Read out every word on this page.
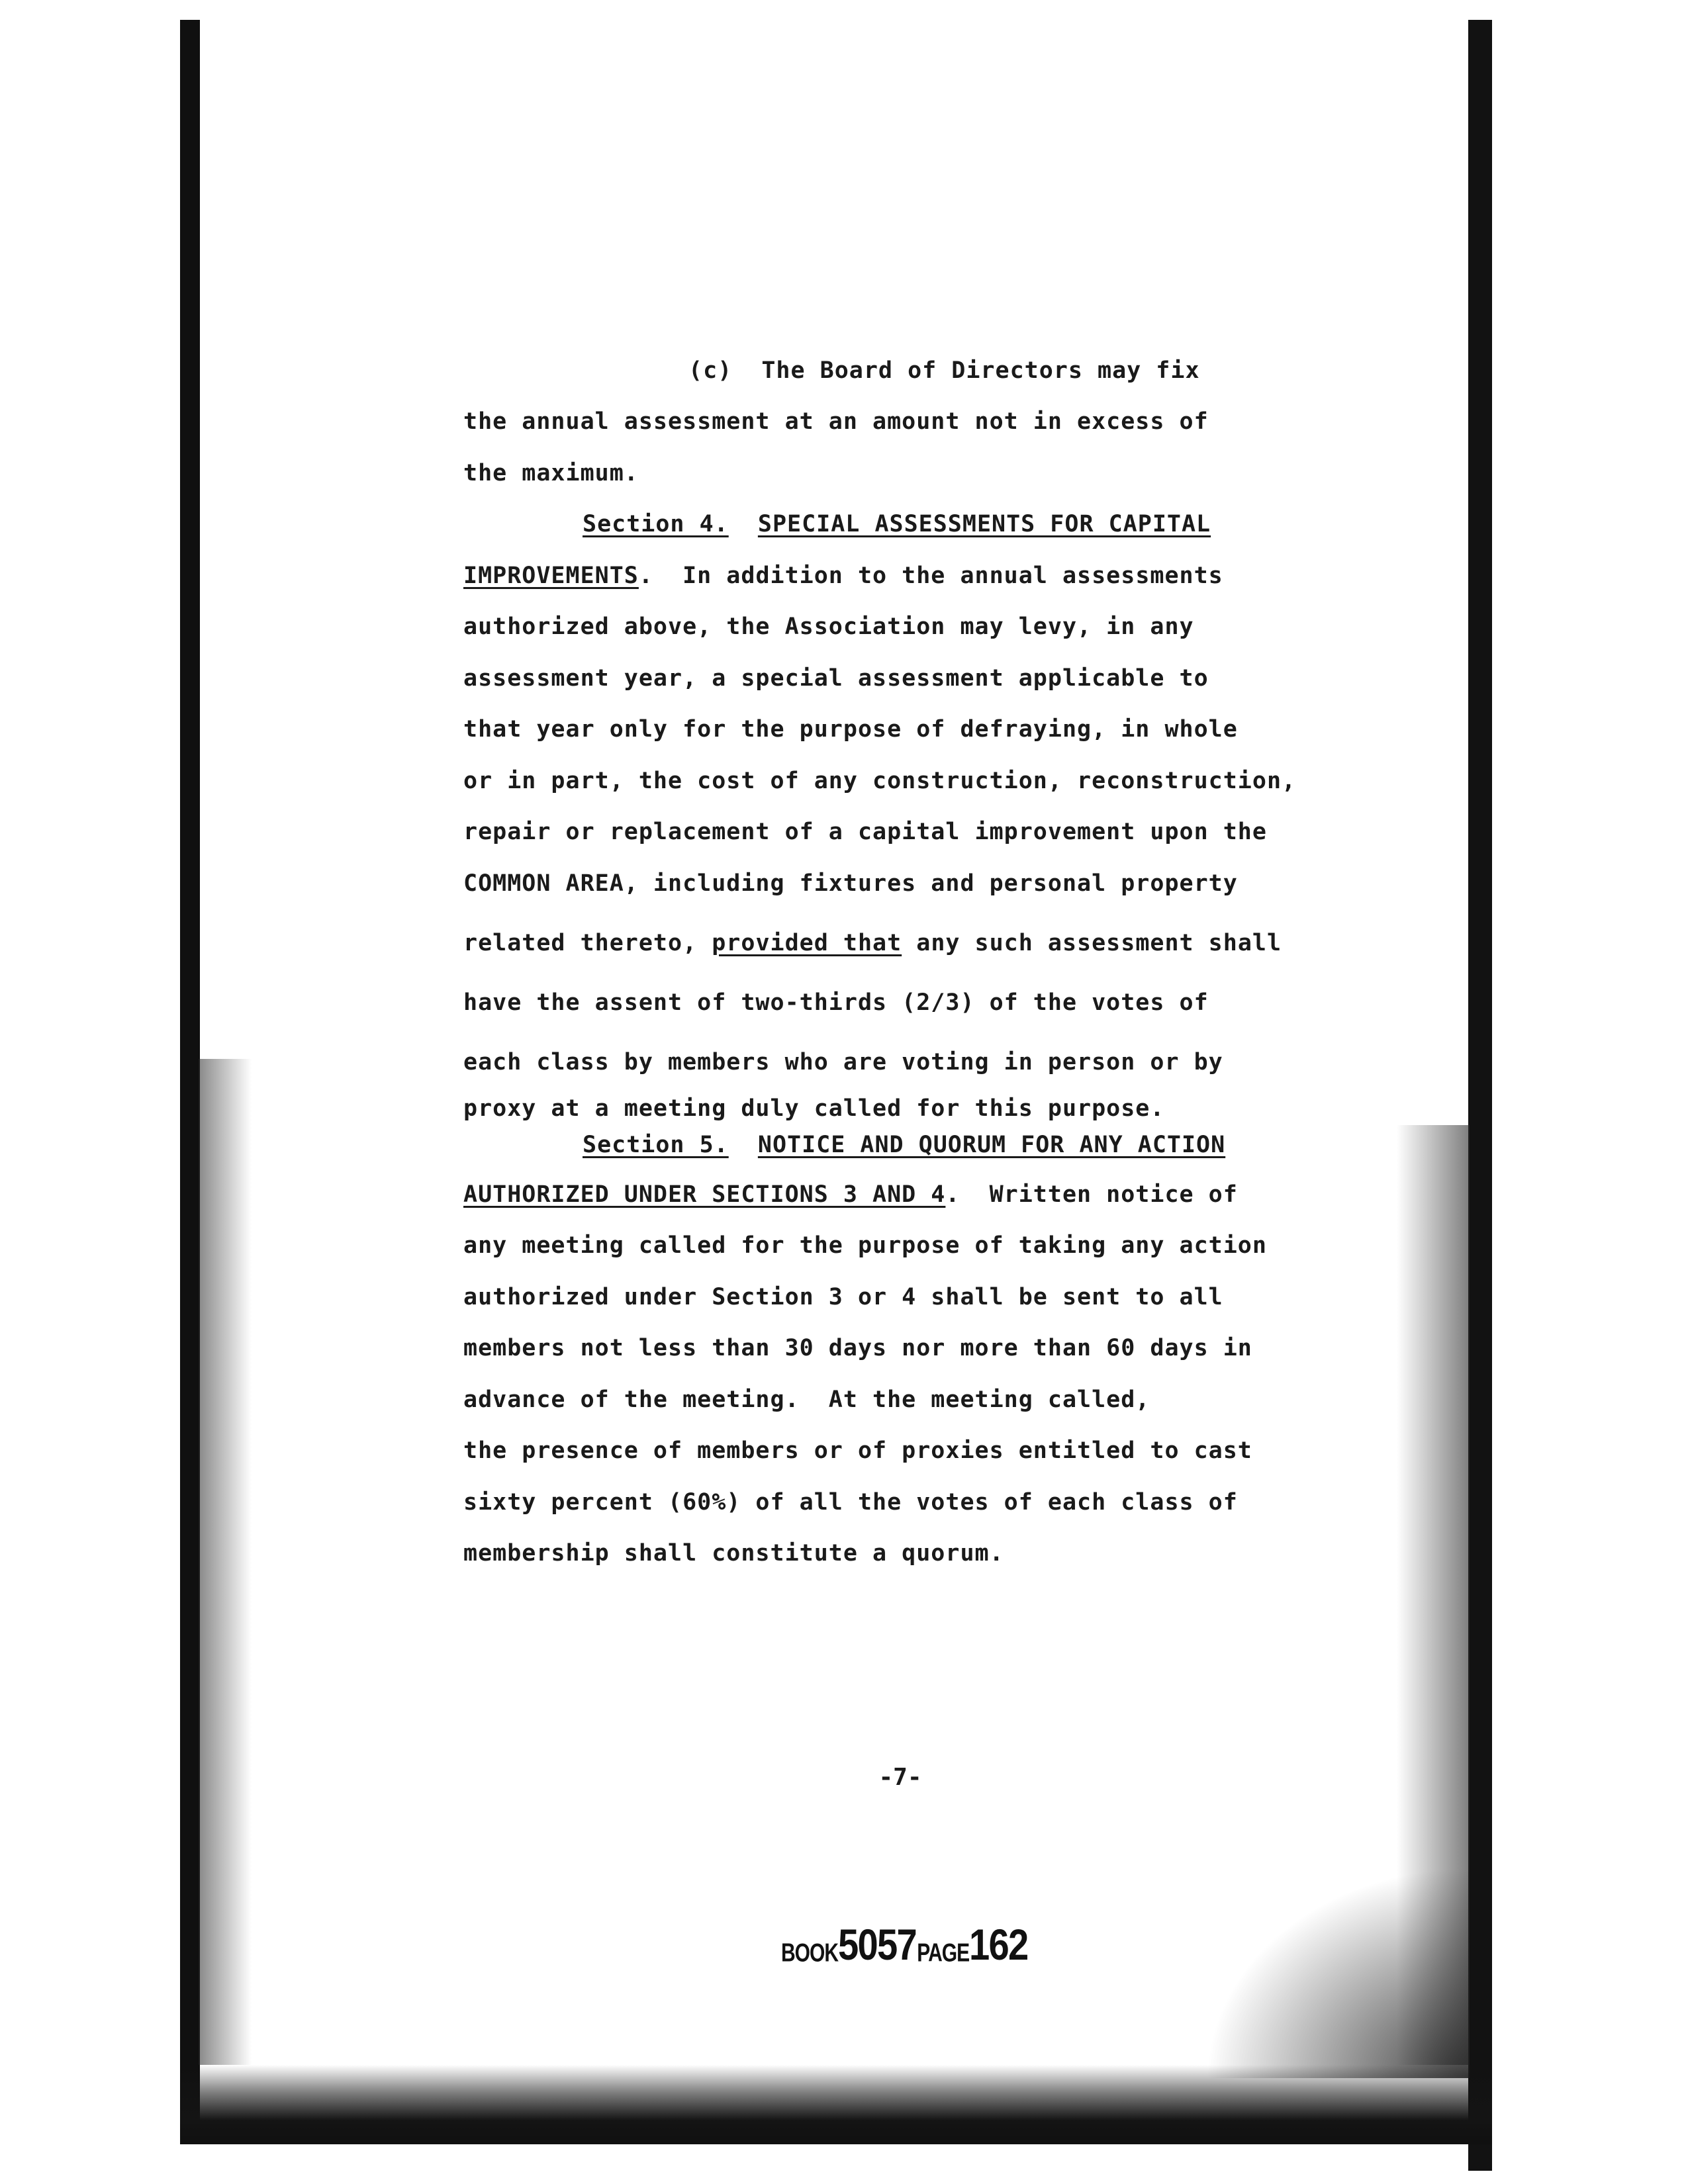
(c)  The Board of Directors may fix
the annual assessment at an amount not in excess of
the maximum.
Section 4. SPECIAL ASSESSMENTS FOR CAPITAL
IMPROVEMENTS.  In addition to the annual assessments
authorized above, the Association may levy, in any
assessment year, a special assessment applicable to
that year only for the purpose of defraying, in whole
or in part, the cost of any construction, reconstruction,
repair or replacement of a capital improvement upon the
COMMON AREA, including fixtures and personal property
related thereto, provided that any such assessment shall
have the assent of two-thirds (2/3) of the votes of
each class by members who are voting in person or by
proxy at a meeting duly called for this purpose.
Section 5. NOTICE AND QUORUM FOR ANY ACTION
AUTHORIZED UNDER SECTIONS 3 AND 4.  Written notice of
any meeting called for the purpose of taking any action
authorized under Section 3 or 4 shall be sent to all
members not less than 30 days nor more than 60 days in
advance of the meeting.  At the meeting called,
the presence of members or of proxies entitled to cast
sixty percent (60%) of all the votes of each class of
membership shall constitute a quorum.
-7-
BOOK5057 PAGE162
